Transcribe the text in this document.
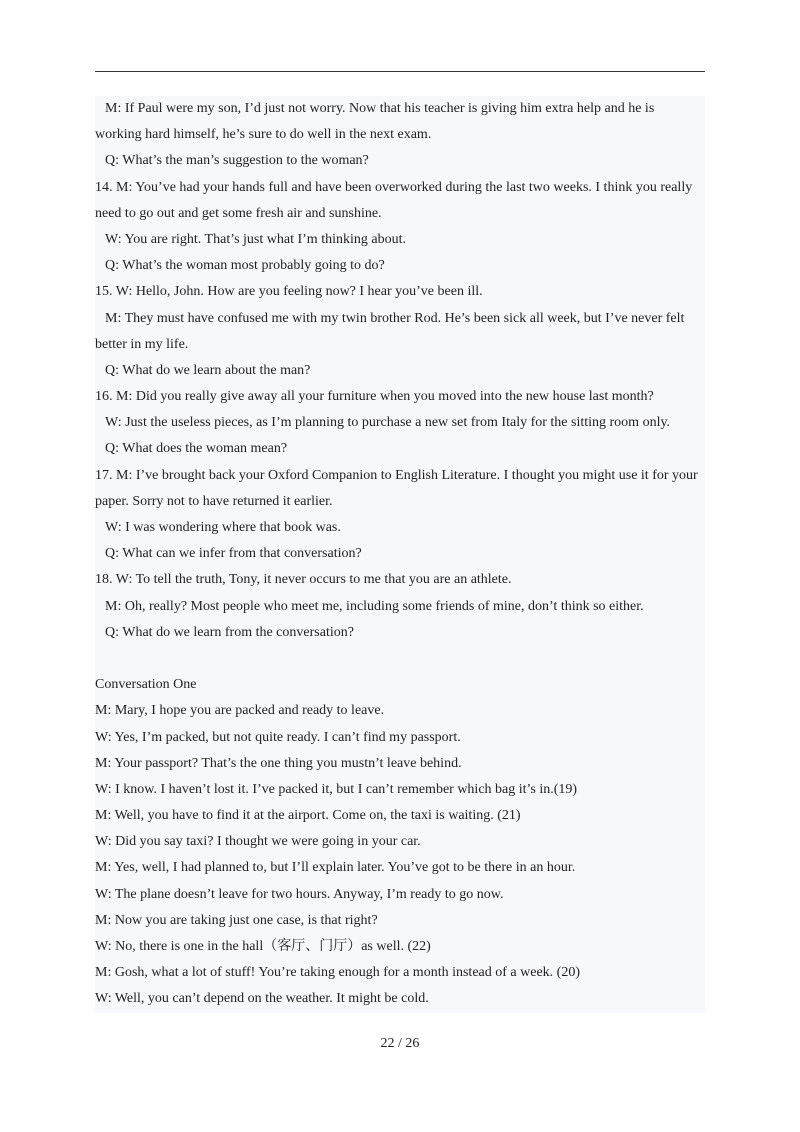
M: If Paul were my son, I’d just not worry. Now that his teacher is giving him extra help and he is
working hard himself, he’s sure to do well in the next exam.
Q: What’s the man’s suggestion to the woman?
14. M: You’ve had your hands full and have been overworked during the last two weeks. I think you really
need to go out and get some fresh air and sunshine.
W: You are right. That’s just what I’m thinking about.
Q: What’s the woman most probably going to do?
15. W: Hello, John. How are you feeling now? I hear you’ve been ill.
M: They must have confused me with my twin brother Rod. He’s been sick all week, but I’ve never felt
better in my life.
Q: What do we learn about the man?
16. M: Did you really give away all your furniture when you moved into the new house last month?
W: Just the useless pieces, as I’m planning to purchase a new set from Italy for the sitting room only.
Q: What does the woman mean?
17. M: I’ve brought back your Oxford Companion to English Literature. I thought you might use it for your
paper. Sorry not to have returned it earlier.
W: I was wondering where that book was.
Q: What can we infer from that conversation?
18. W: To tell the truth, Tony, it never occurs to me that you are an athlete.
M: Oh, really? Most people who meet me, including some friends of mine, don’t think so either.
Q: What do we learn from the conversation?
Conversation One
M: Mary, I hope you are packed and ready to leave.
W: Yes, I’m packed, but not quite ready. I can’t find my passport.
M: Your passport? That’s the one thing you mustn’t leave behind.
W: I know. I haven’t lost it. I’ve packed it, but I can’t remember which bag it’s in.(19)
M: Well, you have to find it at the airport. Come on, the taxi is waiting. (21)
W: Did you say taxi? I thought we were going in your car.
M: Yes, well, I had planned to, but I’ll explain later. You’ve got to be there in an hour.
W: The plane doesn’t leave for two hours. Anyway, I’m ready to go now.
M: Now you are taking just one case, is that right?
W: No, there is one in the hall（客厅、门厅）as well. (22)
M: Gosh, what a lot of stuff! You’re taking enough for a month instead of a week. (20)
W: Well, you can’t depend on the weather. It might be cold.
22 / 26
